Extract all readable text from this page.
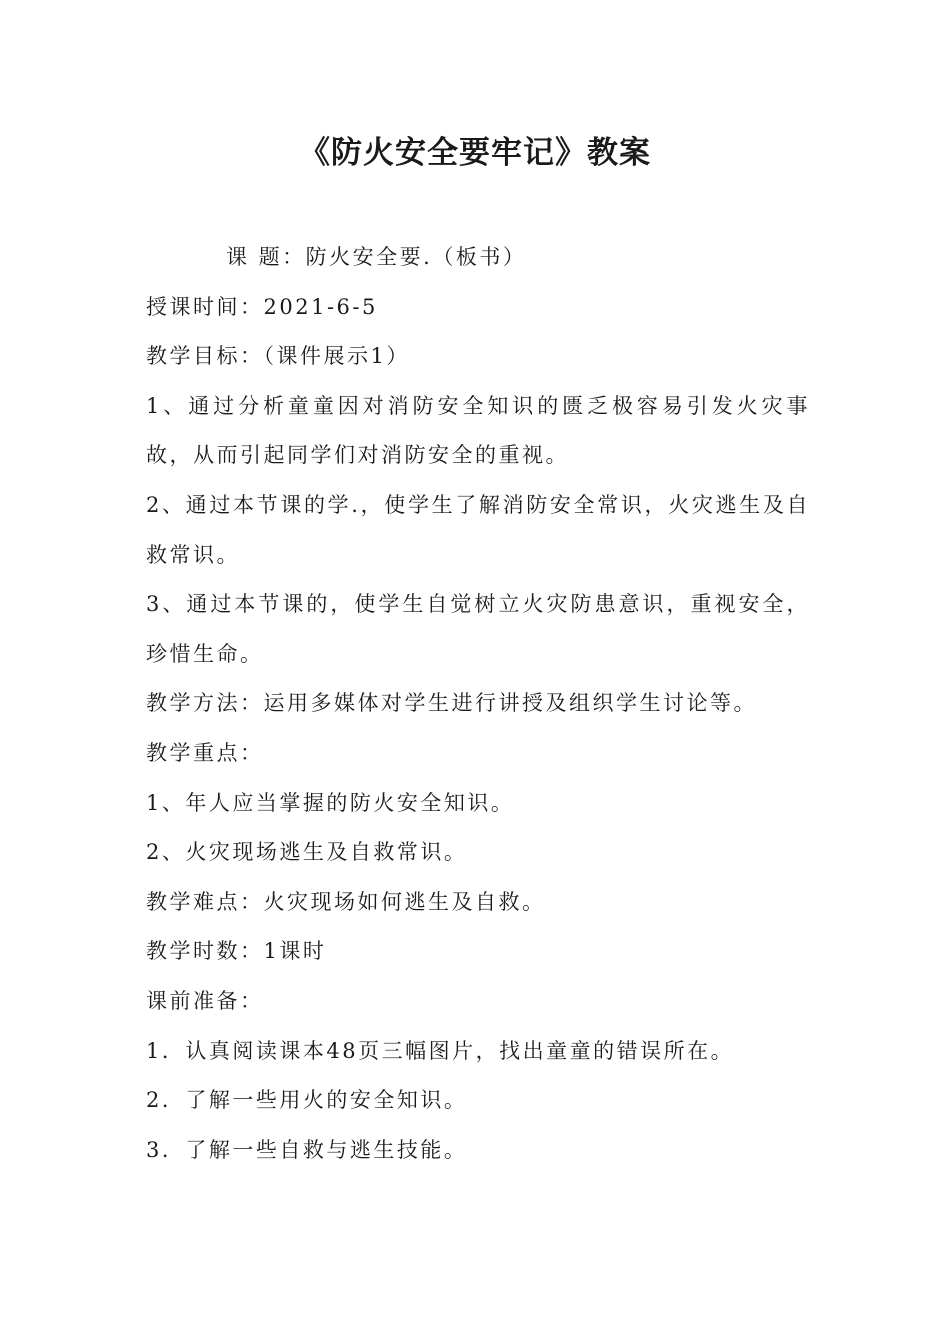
《防火安全要牢记》教案

课 题：防火安全要.（板书）

授课时间：2021-6-5

教学目标：（课件展示1）

1、通过分析童童因对消防安全知识的匮乏极容易引发火灾事故，从而引起同学们对消防安全的重视。

2、通过本节课的学.，使学生了解消防安全常识，火灾逃生及自救常识。

3、通过本节课的，使学生自觉树立火灾防患意识，重视安全，珍惜生命。

教学方法：运用多媒体对学生进行讲授及组织学生讨论等。

教学重点：

1、年人应当掌握的防火安全知识。

2、火灾现场逃生及自救常识。

教学难点：火灾现场如何逃生及自救。

教学时数：1课时

课前准备：

1．认真阅读课本48页三幅图片，找出童童的错误所在。

2．了解一些用火的安全知识。

3．了解一些自救与逃生技能。
